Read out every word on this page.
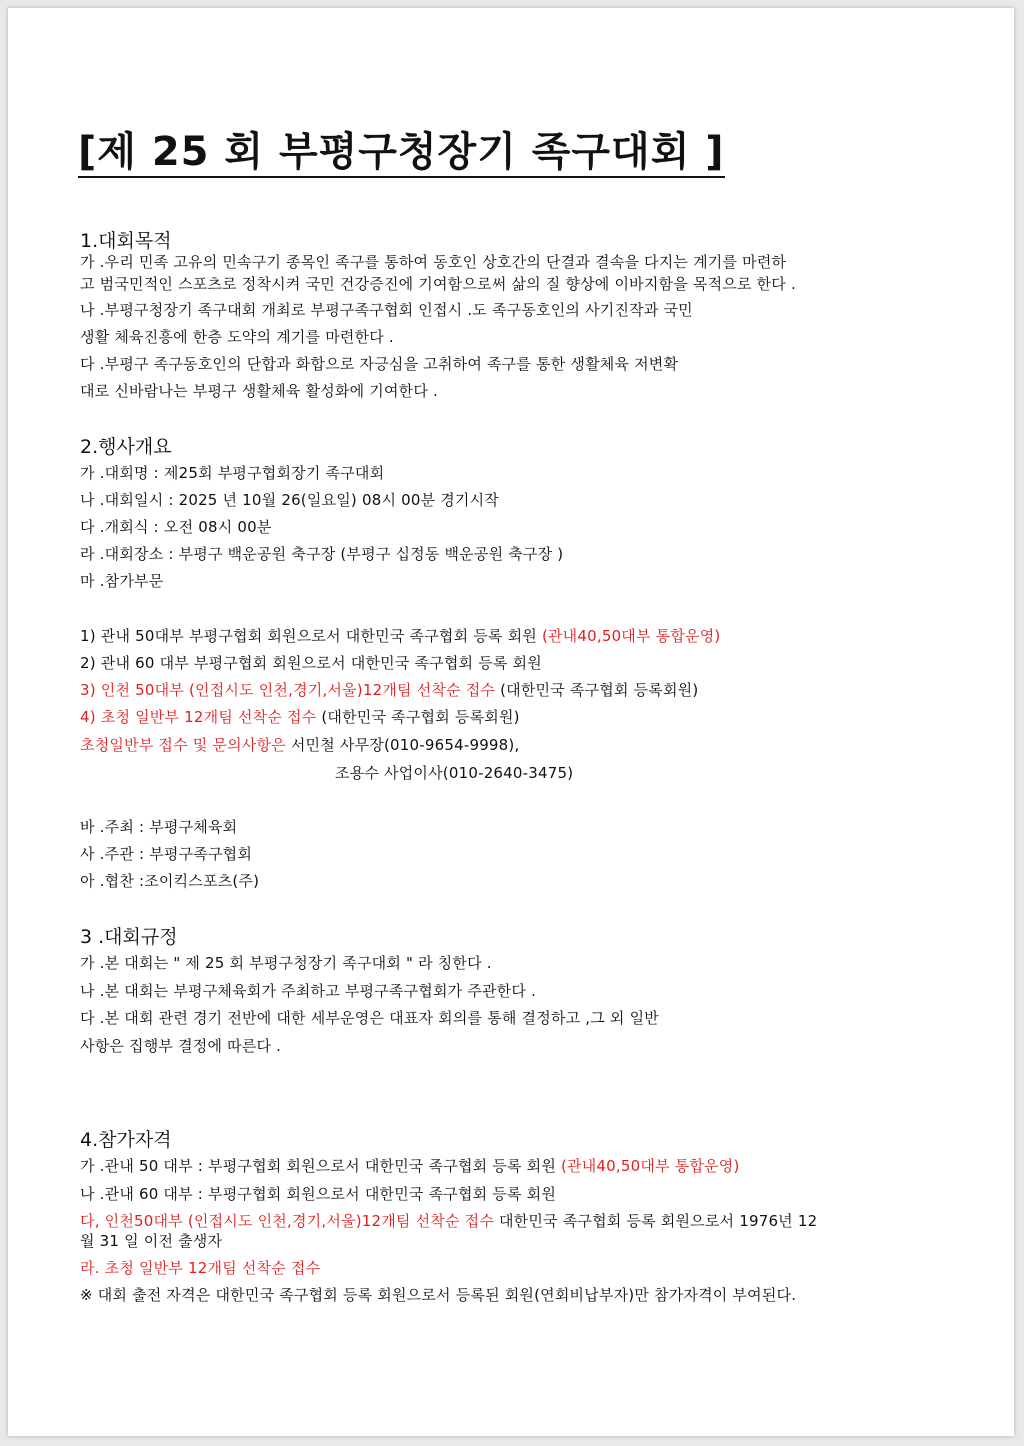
[제 25 회 부평구청장기 족구대회 ]
1.대회목적
가 .우리 민족 고유의 민속구기 종목인 족구를 통하여 동호인 상호간의 단결과 결속을 다지는 계기를 마련하
고 범국민적인 스포츠로 정착시켜 국민 건강증진에 기여함으로써 삶의 질 향상에 이바지함을 목적으로 한다 .
나 .부평구청장기 족구대회 개최로 부평구족구협회 인접시 .도 족구동호인의 사기진작과 국민
생활 체육진흥에 한층 도약의 계기를 마련한다 .
다 .부평구 족구동호인의 단합과 화합으로 자긍심을 고취하여 족구를 통한 생활체육 저변확
대로 신바람나는 부평구 생활체육 활성화에 기여한다 .
2.행사개요
가 .대회명 : 제25회 부평구협회장기 족구대회
나 .대회일시 : 2025 년 10월 26(일요일) 08시 00분 경기시작
다 .개회식 : 오전 08시 00분
라 .대회장소 : 부평구 백운공원 축구장 (부평구 십정동 백운공원 축구장 )
마 .참가부문
1) 관내 50대부 부평구협회 회원으로서 대한민국 족구협회 등록 회원 (관내40,50대부 통합운영)
2) 관내 60 대부 부평구협회 회원으로서 대한민국 족구협회 등록 회원
3) 인천 50대부 (인접시도 인천,경기,서울)12개팀 선착순 접수 (대한민국 족구협회 등록회원)
4) 초청 일반부 12개팀 선착순 접수 (대한민국 족구협회 등록회원)
초청일반부 접수 및 문의사항은 서민철 사무장(010-9654-9998),
조용수 사업이사(010-2640-3475)
바 .주최 : 부평구체육회
사 .주관 : 부평구족구협회
아 .협찬 :조이킥스포츠(주)
3 .대회규정
가 .본 대회는 " 제 25 회 부평구청장기 족구대회 " 라 칭한다 .
나 .본 대회는 부평구체육회가 주최하고 부평구족구협회가 주관한다 .
다 .본 대회 관련 경기 전반에 대한 세부운영은 대표자 회의를 통해 결정하고 ,그 외 일반
사항은 집행부 결정에 따른다 .
4.참가자격
가 .관내 50 대부 : 부평구협회 회원으로서 대한민국 족구협회 등록 회원 (관내40,50대부 통합운영)
나 .관내 60 대부 : 부평구협회 회원으로서 대한민국 족구협회 등록 회원
다, 인천50대부 (인접시도 인천,경기,서울)12개팀 선착순 접수 대한민국 족구협회 등록 회원으로서 1976년 12
월 31 일 이전 출생자
라. 초청 일반부 12개팀 선착순 접수
※ 대회 출전 자격은 대한민국 족구협회 등록 회원으로서 등록된 회원(연회비납부자)만 참가자격이 부여된다.
